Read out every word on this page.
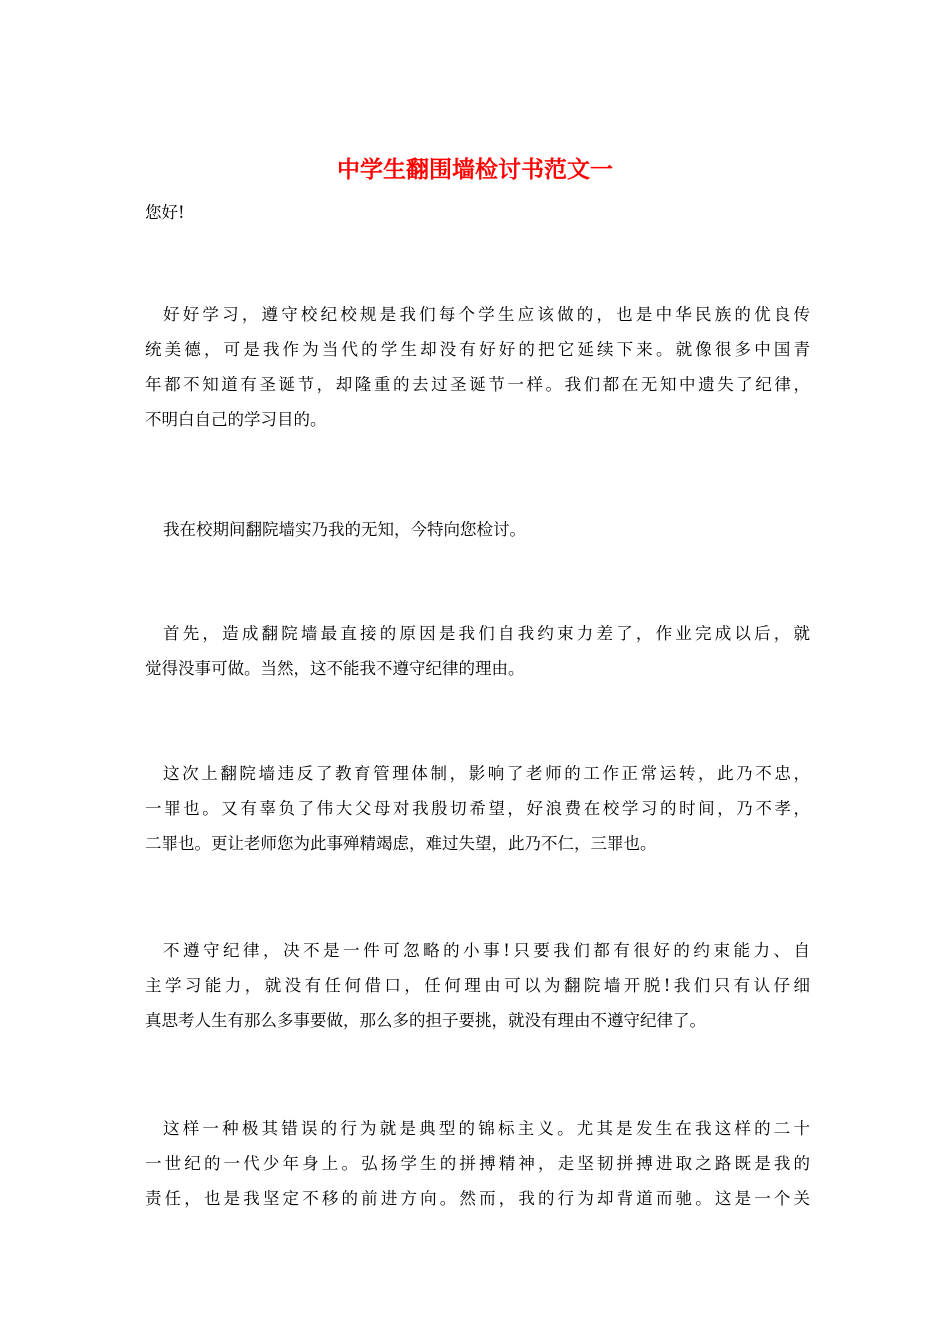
中学生翻围墙检讨书范文一

您好!

好好学习，遵守校纪校规是我们每个学生应该做的，也是中华民族的优良传
统美德，可是我作为当代的学生却没有好好的把它延续下来。就像很多中国青
年都不知道有圣诞节，却隆重的去过圣诞节一样。我们都在无知中遗失了纪律，
不明白自己的学习目的。

我在校期间翻院墙实乃我的无知，今特向您检讨。

首先，造成翻院墙最直接的原因是我们自我约束力差了，作业完成以后，就
觉得没事可做。当然，这不能我不遵守纪律的理由。

这次上翻院墙违反了教育管理体制，影响了老师的工作正常运转，此乃不忠，
一罪也。又有辜负了伟大父母对我殷切希望，好浪费在校学习的时间，乃不孝，
二罪也。更让老师您为此事殚精竭虑，难过失望，此乃不仁，三罪也。

不遵守纪律，决不是一件可忽略的小事!只要我们都有很好的约束能力、自
主学习能力，就没有任何借口，任何理由可以为翻院墙开脱!我们只有认仔细
真思考人生有那么多事要做，那么多的担子要挑，就没有理由不遵守纪律了。

这样一种极其错误的行为就是典型的锦标主义。尤其是发生在我这样的二十
一世纪的一代少年身上。弘扬学生的拼搏精神，走坚韧拼搏进取之路既是我的
责任，也是我坚定不移的前进方向。然而，我的行为却背道而驰。这是一个关
